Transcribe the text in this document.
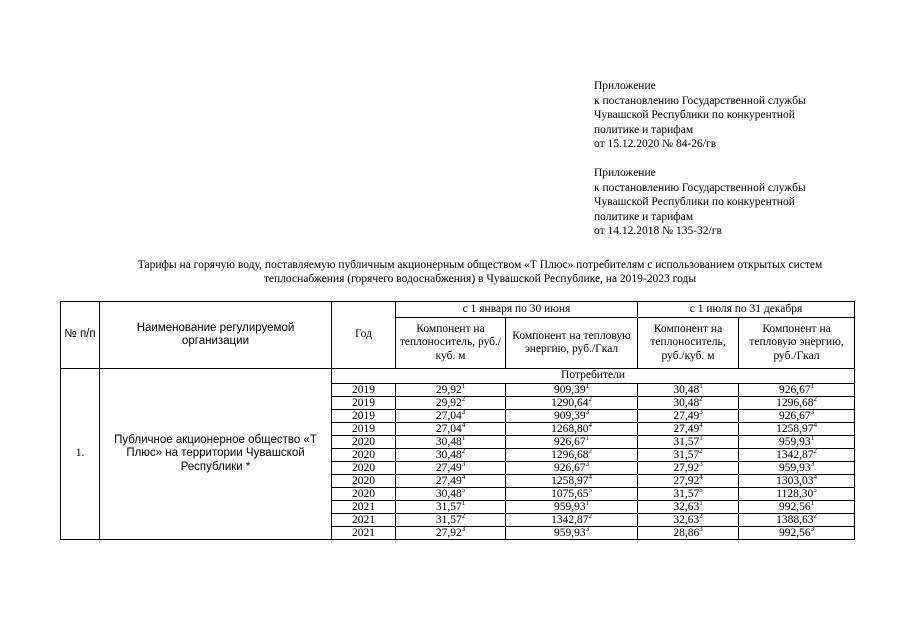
Приложение
к постановлению Государственной службы
Чувашской Республики по конкурентной
политике и тарифам
от 15.12.2020 № 84-26/гв
Приложение
к постановлению Государственной службы
Чувашской Республики по конкурентной
политике и тарифам
от 14.12.2018 № 135-32/гв
Тарифы на горячую воду, поставляемую публичным акционерным обществом «Т Плюс» потребителям с использованием открытых систем
теплоснабжения (горячего водоснабжения) в Чувашской Республике, на 2019-2023 годы
№ п/п	Наименование регулируемой организации	Год	с 1 января по 30 июня		с 1 июля по 31 декабря	
			Компонент на теплоноситель, руб./куб. м	Компонент на тепловую энергию, руб./Гкал	Компонент на теплоноситель, руб./куб. м	Компонент на тепловую энергию, руб./Гкал
1.	Публичное акционерное общество «Т Плюс» на территории Чувашской Республики *	Потребители				
		2019	29,92$^1$	909,39$^1$	30,48$^1$	926,67$^1$
		2019	29,92$^2$	1290,64$^2$	30,48$^2$	1296,68$^2$
		2019	27,04$^3$	909,39$^3$	27,49$^3$	926,67$^3$
		2019	27,04$^4$	1268,80$^4$	27,49$^4$	1258,97$^4$
		2020	30,48$^1$	926,67$^1$	31,57$^1$	959,93$^1$
		2020	30,48$^2$	1296,68$^2$	31,57$^2$	1342,87$^2$
		2020	27,49$^3$	926,67$^3$	27,92$^3$	959,93$^3$
		2020	27,49$^4$	1258,97$^4$	27,92$^4$	1303,03$^4$
		2020	30,48$^5$	1075,65$^5$	31,57$^5$	1128,30$^5$
		2021	31,57$^1$	959,93$^1$	32,63$^1$	992,56$^1$
		2021	31,57$^2$	1342,87$^2$	32,63$^2$	1388,63$^2$
		2021	27,92$^3$	959,93$^3$	28,86$^3$	992,56$^3$
